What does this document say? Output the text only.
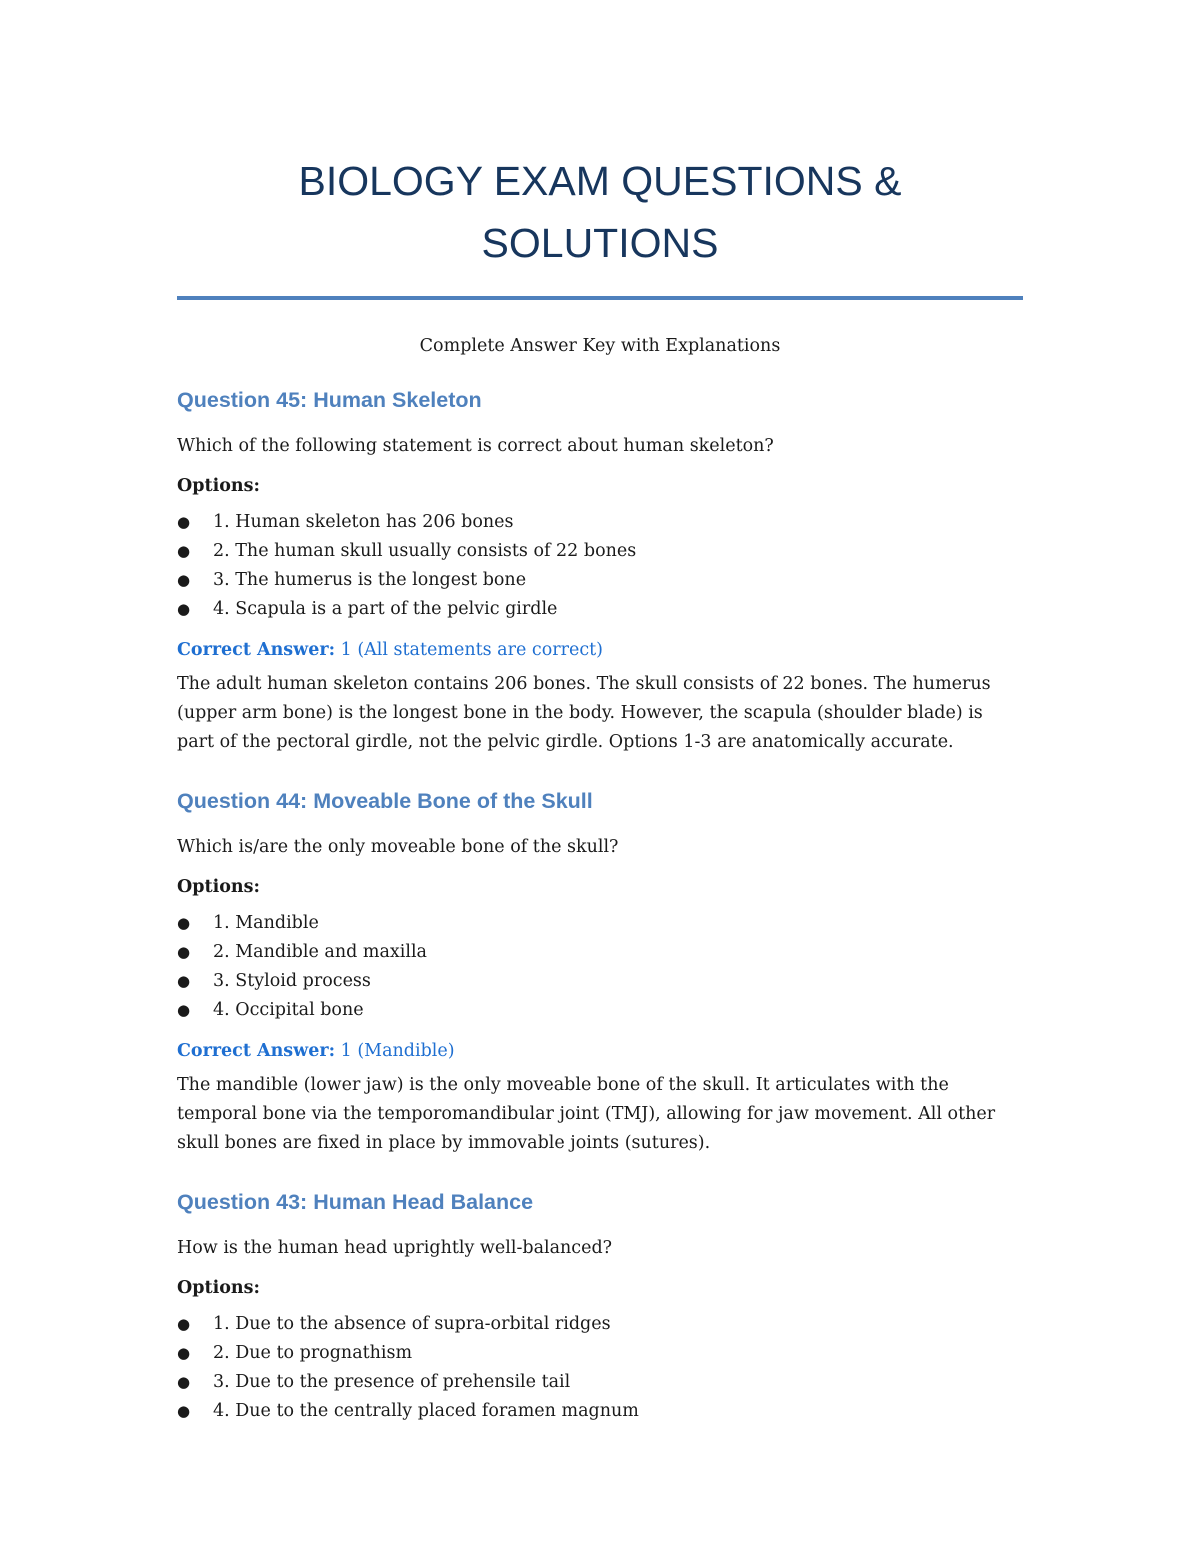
BIOLOGY EXAM QUESTIONS &
SOLUTIONS
Complete Answer Key with Explanations
Question 45: Human Skeleton
Which of the following statement is correct about human skeleton?
Options:
● 1. Human skeleton has 206 bones
● 2. The human skull usually consists of 22 bones
● 3. The humerus is the longest bone
● 4. Scapula is a part of the pelvic girdle
Correct Answer: 1 (All statements are correct)
The adult human skeleton contains 206 bones. The skull consists of 22 bones. The humerus (upper arm bone) is the longest bone in the body. However, the scapula (shoulder blade) is part of the pectoral girdle, not the pelvic girdle. Options 1-3 are anatomically accurate.
Question 44: Moveable Bone of the Skull
Which is/are the only moveable bone of the skull?
Options:
● 1. Mandible
● 2. Mandible and maxilla
● 3. Styloid process
● 4. Occipital bone
Correct Answer: 1 (Mandible)
The mandible (lower jaw) is the only moveable bone of the skull. It articulates with the temporal bone via the temporomandibular joint (TMJ), allowing for jaw movement. All other skull bones are fixed in place by immovable joints (sutures).
Question 43: Human Head Balance
How is the human head uprightly well-balanced?
Options:
● 1. Due to the absence of supra-orbital ridges
● 2. Due to prognathism
● 3. Due to the presence of prehensile tail
● 4. Due to the centrally placed foramen magnum
